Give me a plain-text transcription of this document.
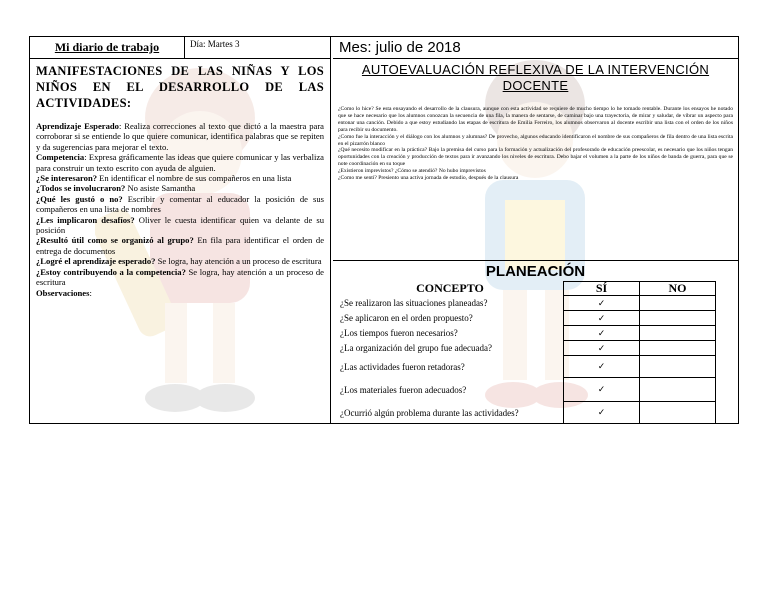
Mi diario de trabajo	Día: Martes 3	Mes: julio de 2018

MANIFESTACIONES DE LAS NIÑAS Y LOS NIÑOS EN EL DESARROLLO DE LAS ACTIVIDADES:

Aprendizaje Esperado: Realiza correcciones al texto que dictó a la maestra para corroborar si se entiende lo que quiere comunicar, identifica palabras que se repiten y da sugerencias para mejorar el texto.

Competencia: Expresa gráficamente las ideas que quiere comunicar y las verbaliza para construir un texto escrito con ayuda de alguien.

¿Se interesaron? En identificar el nombre de sus compañeros en una lista

¿Todos se involucraron? No asiste Samantha

¿Qué les gustó o no? Escribir y comentar al educador la posición de sus compañeros en una lista de nombres

¿Les implicaron desafíos? Oliver le cuesta identificar quien va delante de su posición

¿Resultó útil como se organizó al grupo? En fila para identificar el orden de entrega de documentos

¿Logré el aprendizaje esperado? Se logra, hay atención a un proceso de escritura

¿Estoy contribuyendo a la competencia? Se logra, hay atención a un proceso de escritura

Observaciones:

AUTOEVALUACIÓN REFLEXIVA DE LA INTERVENCIÓN DOCENTE

¿Como lo hice? Se esta ensayando el desarrollo de la clausura, aunque con esta actividad se requiere de mucho tiempo lo he tomado rentable. Durante los ensayos he notado que se hace necesario que los alumnos conozcan la secuencia de una fila, la manera de sentarse, de caminar bajo una trayectoria, de mirar y saludar, de vibrar un aspecto para entonar una canción. Debido a que estoy estudiando las etapas de escritura de Emilia Ferreiro, los alumnos observaron al docente escribir una lista con el orden de los niños para recibir su documento.

¿Como fue la interacción y el diálogo con los alumnos y alumnas? De provecho, algunos educando identificaron el nombre de sus compañeros de fila dentro de una lista escrita en el pizarrón blanco

¿Qué necesito modificar en la práctica? Bajo la premisa del curso para la formación y actualización del profesorado de educación preescolar, es necesario que los niños tengan oportunidades con la creación y producción de textos para ir avanzando los niveles de escritura. Debo bajar el volumen a la parte de los niños de banda de guerra, para que se note coordinación en su toque

¿Existieron imprevistos? ¿Cómo se atendió? No hubo imprevistos

¿Como me sentí? Presiento una activa jornada de estudio, después de la clausura

PLANEACIÓN
CONCEPTO	SÍ	NO
¿Se realizaron las situaciones planeadas?	✓	
¿Se aplicaron en el orden propuesto?	✓	
¿Los tiempos fueron necesarios?	✓	
¿La organización del grupo fue adecuada?	✓	
¿Las actividades fueron retadoras?	✓	
¿Los materiales fueron adecuados?	✓	
¿Ocurrió algún problema durante las actividades?	✓	
